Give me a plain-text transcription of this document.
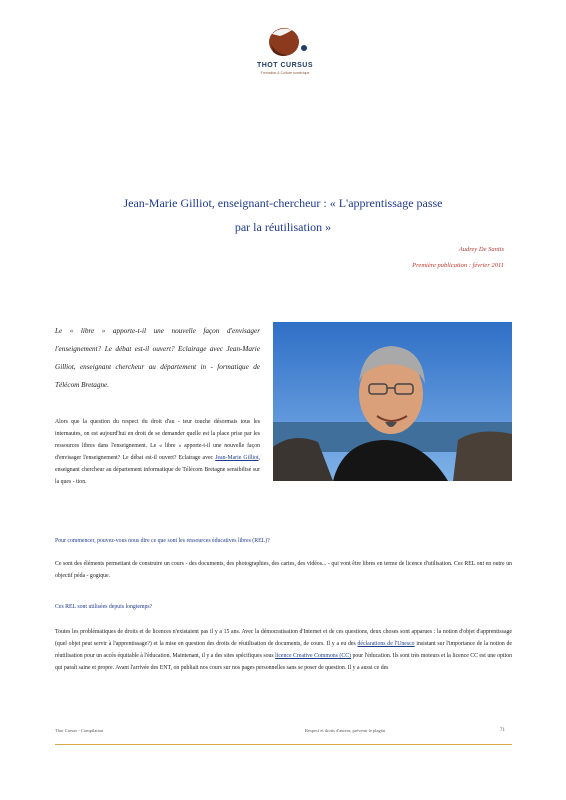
THOT CURSUS
Formation & Culture numérique
Jean-Marie Gilliot, enseignant-chercheur : « L'apprentissage passe
par la réutilisation »
Audrey De Santis
Première publication : février 2011
Le « libre » apporte-t-il une nouvelle façon d'envisager l'enseignement? Le débat est-il ouvert? Eclairage avec Jean-Marie Gilliot, enseignant chercheur au département in - formatique de Télécom Bretagne.
Alors que la question du respect du droit d'au - teur touche désormais tous les internautes, on est aujourd'hui en droit de se demander quelle est la place prise par les ressources libres dans l'enseignement. Le « libre » apporte-t-il une nouvelle façon d'envisager l'enseignement? Le débat est-il ouvert? Eclairage avec Jean-Marie Gilliot, enseignant chercheur au département informatique de Télécom Bretagne sensibilisé sur la ques - tion.
Pour commencer, pouvez-vous nous dire ce que sont les ressources éducatives libres (REL)?
Ce sont des éléments permettant de construire un cours - des documents, des photographies, des cartes, des vidéos... - qui vont être libres en terme de licence d'utilisation. Ces REL ont en outre un objectif péda - gogique.
Ces REL sont utilisées depuis longtemps?
Toutes les problématiques de droits et de licences n'existaient pas il y a 15 ans. Avec la démocratisation d'Internet et de ces questions, deux choses sont apparues : la notion d'objet d'apprentissage (quel objet peut servir à l'apprentissage?) et la mise en question des droits de réutilisation de documents, de cours. Il y a eu des déclarations de l'Unesco insistant sur l'importance de la notion de réutilisation pour un accès équitable à l'éducation. Maintenant, il y a des sites spécifiques sous licence Creative Commons (CC) pour l'éducation. Ils sont très moteurs et la licence CC est une option qui paraît saine et propre. Avant l'arrivée des ENT, on publiait nos cours sur nos pages personnelles sans se poser de question. Il y a aussi ce des
Thot Cursus - Compilation	Respect et droits d'auteur, prévenir le plagiat	71
